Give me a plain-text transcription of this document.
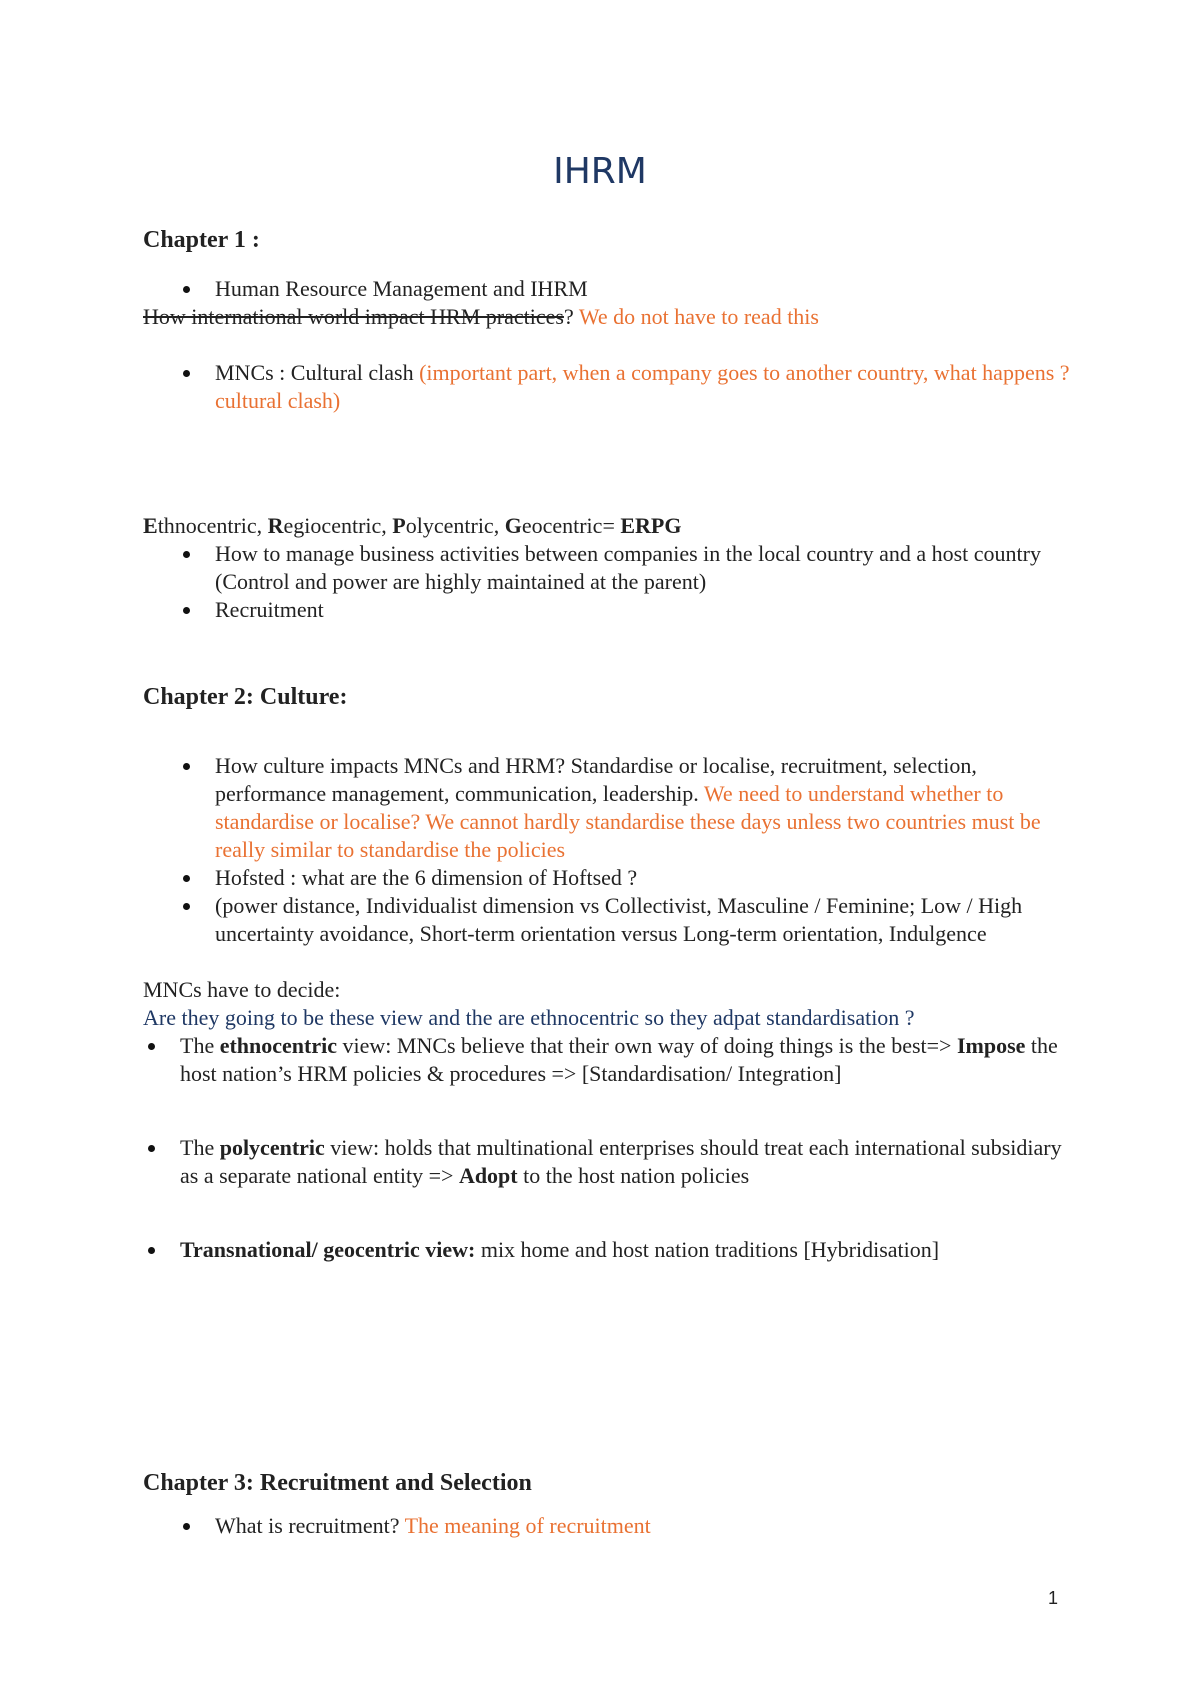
IHRM
Chapter 1 :
Human Resource Management and IHRM
How international world impact HRM practices? We do not have to read this
MNCs : Cultural clash (important part, when a company goes to another country, what happens ? cultural clash)
Ethnocentric, Regiocentric, Polycentric, Geocentric= ERPG
How to manage business activities between companies in the local country and a host country (Control and power are highly maintained at the parent)
Recruitment
Chapter 2: Culture:
How culture impacts MNCs and HRM? Standardise or localise, recruitment, selection, performance management, communication, leadership. We need to understand whether to standardise or localise? We cannot hardly standardise these days unless two countries must be really similar to standardise the policies
Hofsted : what are the 6 dimension of Hoftsed ?
(power distance, Individualist dimension vs Collectivist, Masculine / Feminine; Low / High uncertainty avoidance, Short-term orientation versus Long-term orientation, Indulgence
MNCs have to decide:
Are they going to be these view and the are ethnocentric so they adpat standardisation ?
The ethnocentric view: MNCs believe that their own way of doing things is the best=> Impose the host nation’s HRM policies & procedures => [Standardisation/ Integration]
The polycentric view: holds that multinational enterprises should treat each international subsidiary as a separate national entity => Adopt to the host nation policies
Transnational/ geocentric view: mix home and host nation traditions [Hybridisation]
Chapter 3: Recruitment and Selection
What is recruitment? The meaning of recruitment
1
